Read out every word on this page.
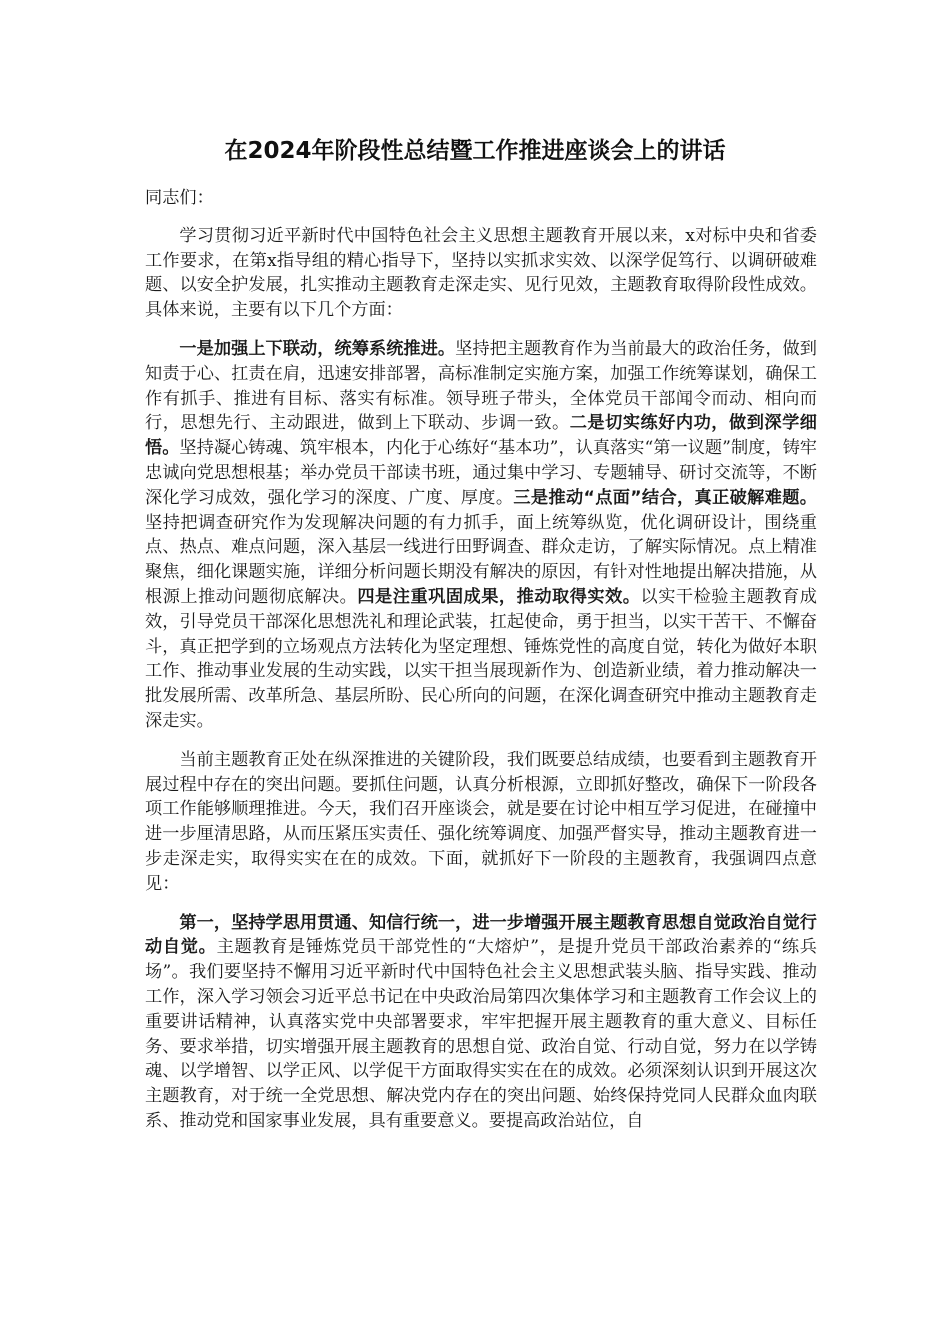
在2024年阶段性总结暨工作推进座谈会上的讲话

同志们：

学习贯彻习近平新时代中国特色社会主义思想主题教育开展以来，x对标中央和省委工作要求，在第x指导组的精心指导下，坚持以实抓求实效、以深学促笃行、以调研破难题、以安全护发展，扎实推动主题教育走深走实、见行见效，主题教育取得阶段性成效。具体来说，主要有以下几个方面：

一是加强上下联动，统筹系统推进。坚持把主题教育作为当前最大的政治任务，做到知责于心、扛责在肩，迅速安排部署，高标准制定实施方案，加强工作统筹谋划，确保工作有抓手、推进有目标、落实有标准。领导班子带头，全体党员干部闻令而动、相向而行，思想先行、主动跟进，做到上下联动、步调一致。二是切实练好内功，做到深学细悟。坚持凝心铸魂、筑牢根本，内化于心练好“基本功”，认真落实“第一议题”制度，铸牢忠诚向党思想根基；举办党员干部读书班，通过集中学习、专题辅导、研讨交流等，不断深化学习成效，强化学习的深度、广度、厚度。三是推动“点面”结合，真正破解难题。坚持把调查研究作为发现解决问题的有力抓手，面上统筹纵览，优化调研设计，围绕重点、热点、难点问题，深入基层一线进行田野调查、群众走访，了解实际情况。点上精准聚焦，细化课题实施，详细分析问题长期没有解决的原因，有针对性地提出解决措施，从根源上推动问题彻底解决。四是注重巩固成果，推动取得实效。以实干检验主题教育成效，引导党员干部深化思想洗礼和理论武装，扛起使命，勇于担当，以实干苦干、不懈奋斗，真正把学到的立场观点方法转化为坚定理想、锤炼党性的高度自觉，转化为做好本职工作、推动事业发展的生动实践，以实干担当展现新作为、创造新业绩，着力推动解决一批发展所需、改革所急、基层所盼、民心所向的问题，在深化调查研究中推动主题教育走深走实。

当前主题教育正处在纵深推进的关键阶段，我们既要总结成绩，也要看到主题教育开展过程中存在的突出问题。要抓住问题，认真分析根源，立即抓好整改，确保下一阶段各项工作能够顺理推进。今天，我们召开座谈会，就是要在讨论中相互学习促进，在碰撞中进一步厘清思路，从而压紧压实责任、强化统筹调度、加强严督实导，推动主题教育进一步走深走实，取得实实在在的成效。下面，就抓好下一阶段的主题教育，我强调四点意见：

第一，坚持学思用贯通、知信行统一，进一步增强开展主题教育思想自觉政治自觉行动自觉。主题教育是锤炼党员干部党性的“大熔炉”，是提升党员干部政治素养的“练兵场”。我们要坚持不懈用习近平新时代中国特色社会主义思想武装头脑、指导实践、推动工作，深入学习领会习近平总书记在中央政治局第四次集体学习和主题教育工作会议上的重要讲话精神，认真落实党中央部署要求，牢牢把握开展主题教育的重大意义、目标任务、要求举措，切实增强开展主题教育的思想自觉、政治自觉、行动自觉，努力在以学铸魂、以学增智、以学正风、以学促干方面取得实实在在的成效。必须深刻认识到开展这次主题教育，对于统一全党思想、解决党内存在的突出问题、始终保持党同人民群众血肉联系、推动党和国家事业发展，具有重要意义。要提高政治站位，自
